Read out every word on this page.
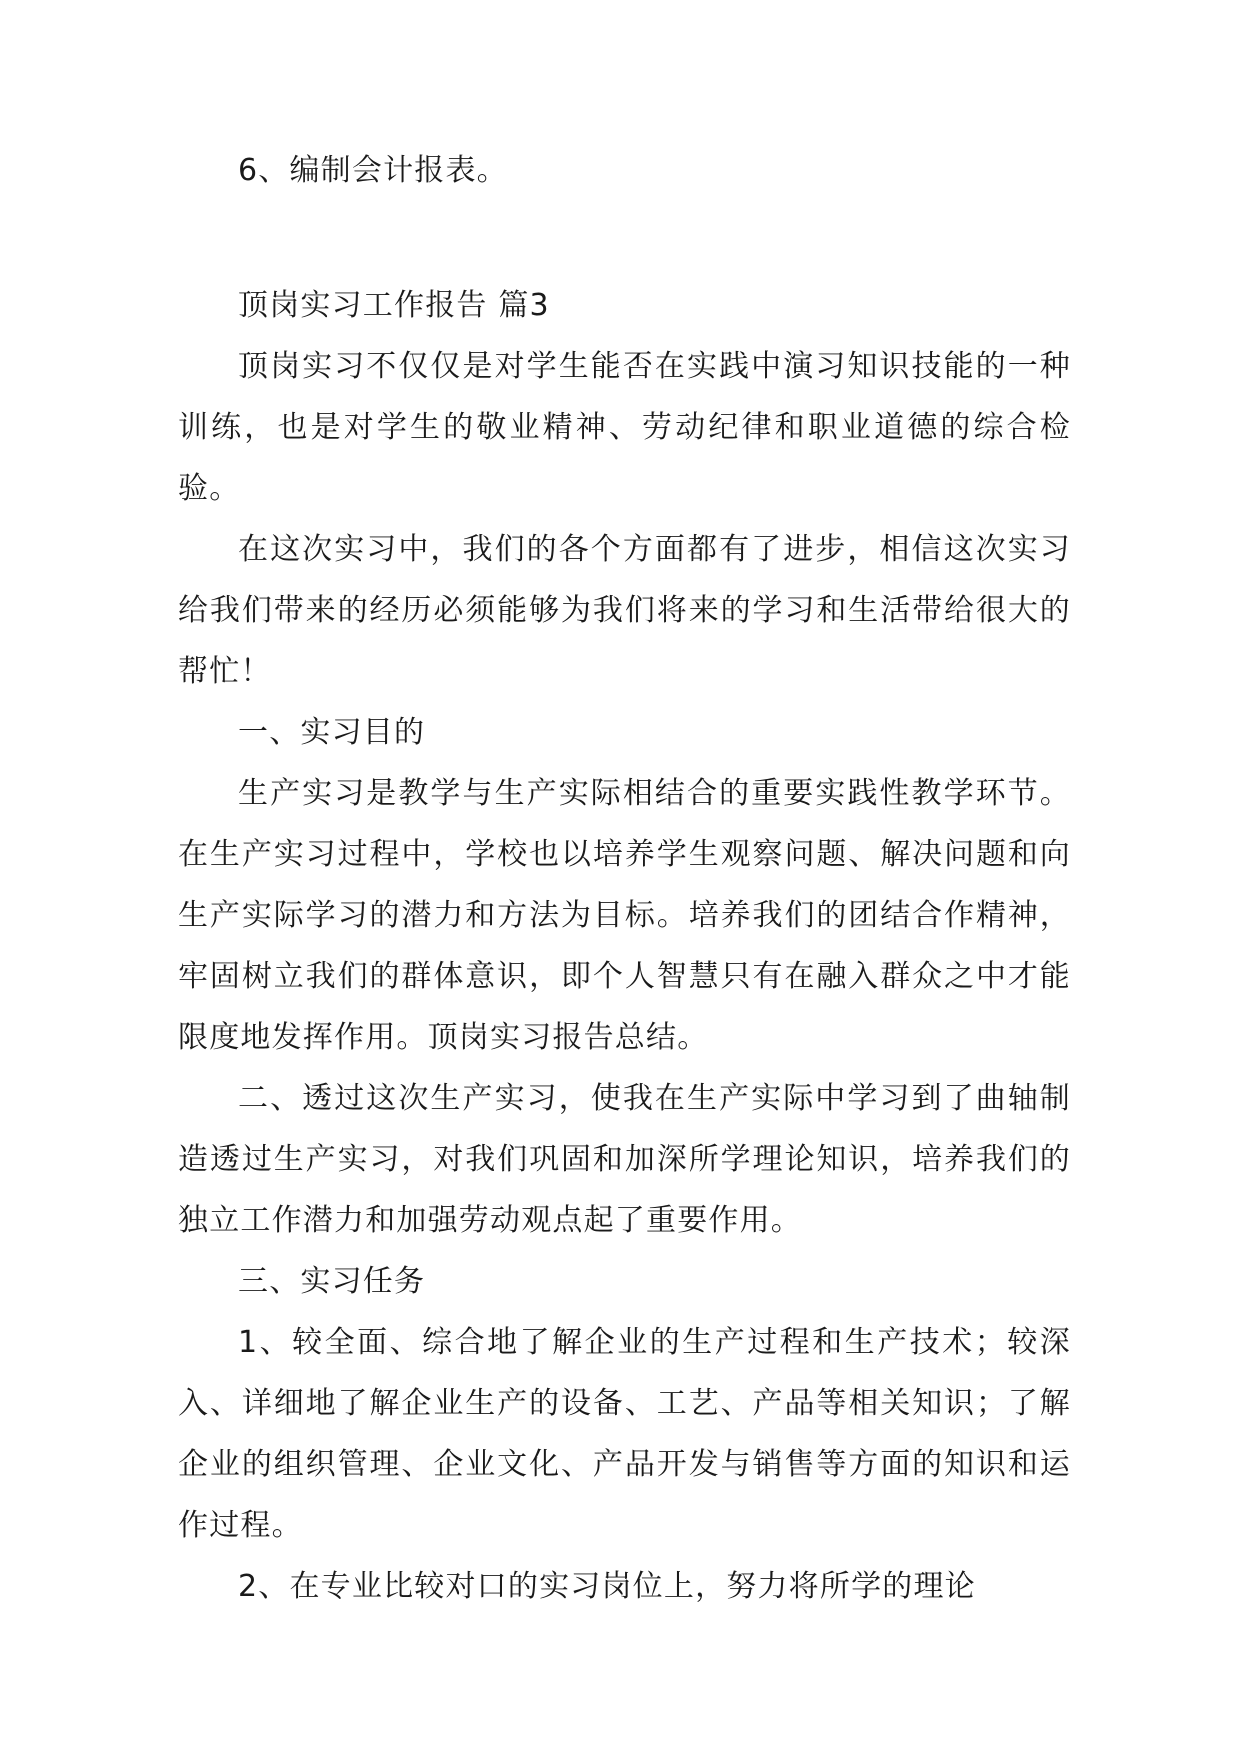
6、编制会计报表。

顶岗实习工作报告 篇3

顶岗实习不仅仅是对学生能否在实践中演习知识技能的一种训练，也是对学生的敬业精神、劳动纪律和职业道德的综合检验。

在这次实习中，我们的各个方面都有了进步，相信这次实习给我们带来的经历必须能够为我们将来的学习和生活带给很大的帮忙！

一、实习目的

生产实习是教学与生产实际相结合的重要实践性教学环节。在生产实习过程中，学校也以培养学生观察问题、解决问题和向生产实际学习的潜力和方法为目标。培养我们的团结合作精神，牢固树立我们的群体意识，即个人智慧只有在融入群众之中才能限度地发挥作用。顶岗实习报告总结。

二、透过这次生产实习，使我在生产实际中学习到了曲轴制造透过生产实习，对我们巩固和加深所学理论知识，培养我们的独立工作潜力和加强劳动观点起了重要作用。

三、实习任务

1、较全面、综合地了解企业的生产过程和生产技术；较深入、详细地了解企业生产的设备、工艺、产品等相关知识；了解企业的组织管理、企业文化、产品开发与销售等方面的知识和运作过程。

2、在专业比较对口的实习岗位上，努力将所学的理论
